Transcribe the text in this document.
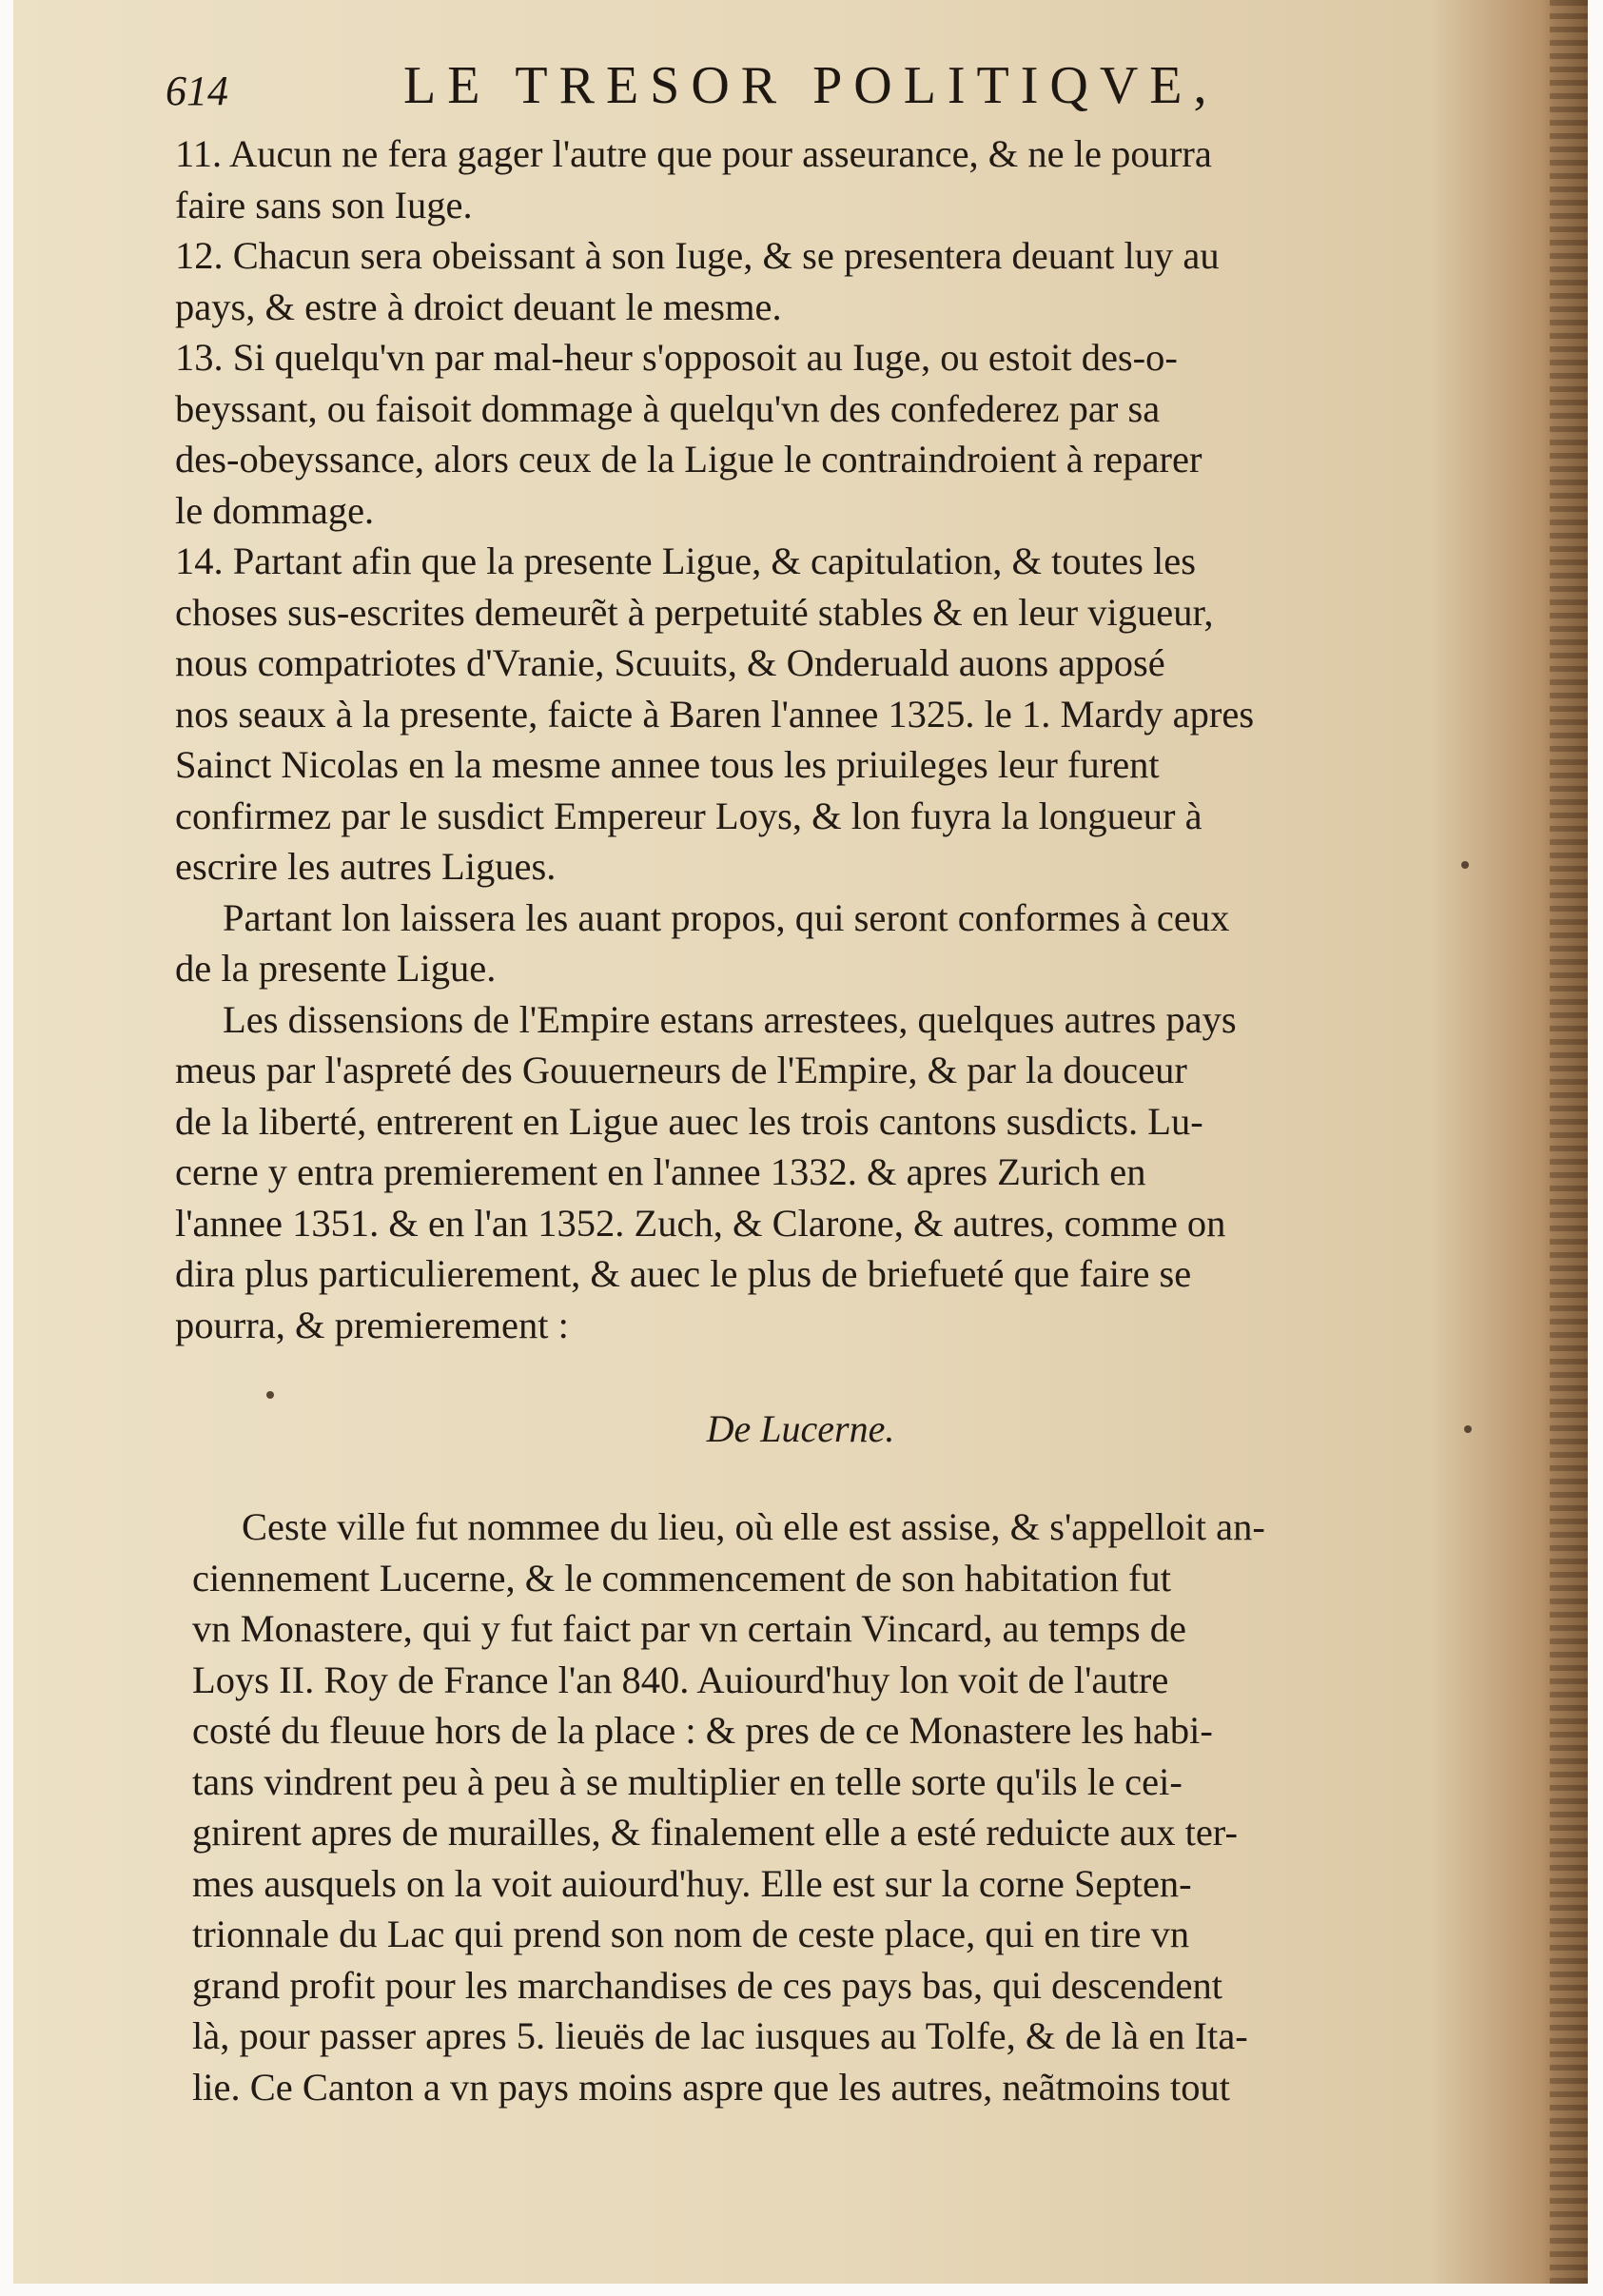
614	LE TRESOR POLITIQVE,
11. Aucun ne fera gager l'autre que pour asseurance, & ne le pourra
faire sans son Iuge.
12. Chacun sera obeissant à son Iuge, & se presentera deuant luy au
pays, & estre à droict deuant le mesme.
13. Si quelqu'vn par mal-heur s'opposoit au Iuge, ou estoit des-o-
beyssant, ou faisoit dommage à quelqu'vn des confederez par sa
des-obeyssance, alors ceux de la Ligue le contraindroient à reparer
le dommage.
14. Partant afin que la presente Ligue, & capitulation, & toutes les
choses sus-escrites demeurẽt à perpetuité stables & en leur vigueur,
nous compatriotes d'Vranie, Scuuits, & Onderuald auons apposé
nos seaux à la presente, faicte à Baren l'annee 1325. le 1. Mardy apres
Sainct Nicolas en la mesme annee tous les priuileges leur furent
confirmez par le susdict Empereur Loys, & lon fuyra la longueur à
escrire les autres Ligues.
Partant lon laissera les auant propos, qui seront conformes à ceux
de la presente Ligue.
Les dissensions de l'Empire estans arrestees, quelques autres pays
meus par l'aspreté des Gouuerneurs de l'Empire, & par la douceur
de la liberté, entrerent en Ligue auec les trois cantons susdicts. Lu-
cerne y entra premierement en l'annee 1332. & apres Zurich en
l'annee 1351. & en l'an 1352. Zuch, & Clarone, & autres, comme on
dira plus particulierement, & auec le plus de briefueté que faire se
pourra, & premierement :
De Lucerne.
Ceste ville fut nommee du lieu, où elle est assise, & s'appelloit an-
ciennement Lucerne, & le commencement de son habitation fut
vn Monastere, qui y fut faict par vn certain Vincard, au temps de
Loys II. Roy de France l'an 840. Auiourd'huy lon voit de l'autre
costé du fleuue hors de la place : & pres de ce Monastere les habi-
tans vindrent peu à peu à se multiplier en telle sorte qu'ils le cei-
gnirent apres de murailles, & finalement elle a esté reduicte aux ter-
mes ausquels on la voit auiourd'huy. Elle est sur la corne Septen-
trionnale du Lac qui prend son nom de ceste place, qui en tire vn
grand profit pour les marchandises de ces pays bas, qui descendent
là, pour passer apres 5. lieuës de lac iusques au Tolfe, & de là en Ita-
lie. Ce Canton a vn pays moins aspre que les autres, neãtmoins tout
